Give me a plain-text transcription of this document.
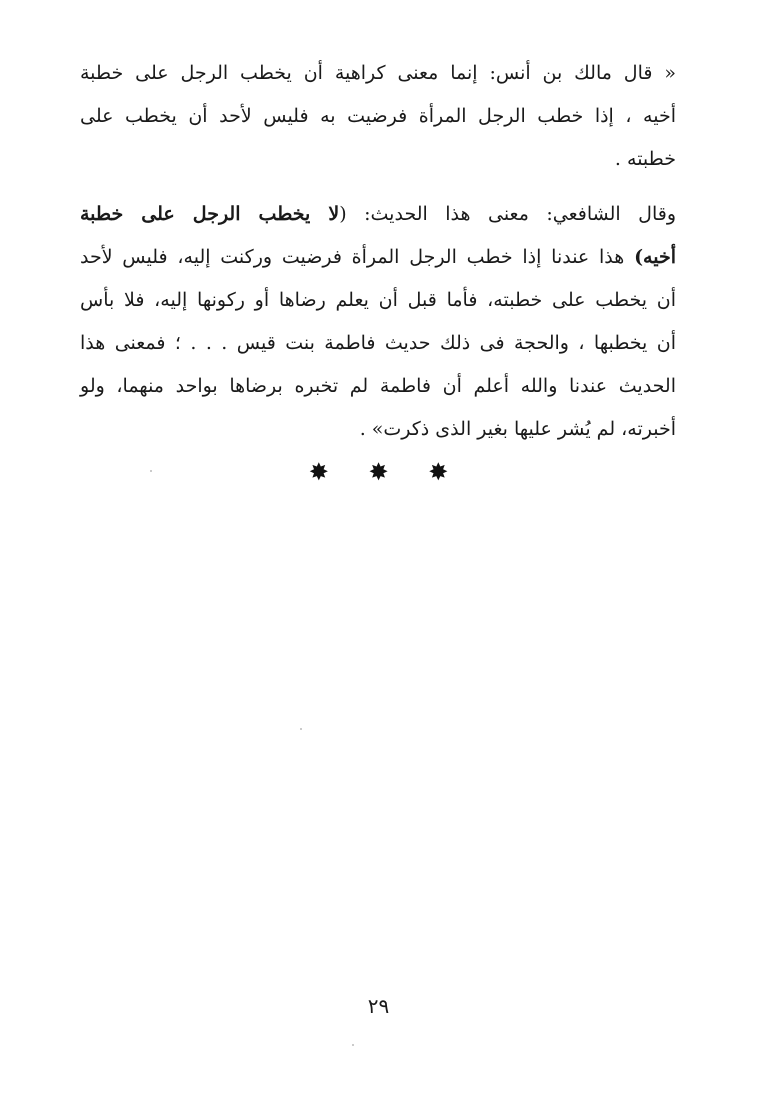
« قال مالك بن أنس: إنما معنى كراهية أن يخطب الرجل على خطبة

أخيه ، إذا خطب الرجل المرأة فرضيت به فليس لأحد أن يخطب على

خطبته .

وقال الشافعي: معنى هذا الحديث: (لا يخطب الرجل على خطبة

أخيه) هذا عندنا إذا خطب الرجل المرأة فرضيت وركنت إليه، فليس لأحد

أن يخطب على خطبته، فأما قبل أن يعلم رضاها أو ركونها إليه، فلا بأس

أن يخطبها ، والحجة فى ذلك حديث فاطمة بنت قيس . . . ؛ فمعنى هذا

الحديث عندنا والله أعلم أن فاطمة لم تخبره برضاها بواحد منهما، ولو

أخبرته، لم يُشر عليها بغير الذى ذكرت» .

✸ ✸ ✸
٢٩
